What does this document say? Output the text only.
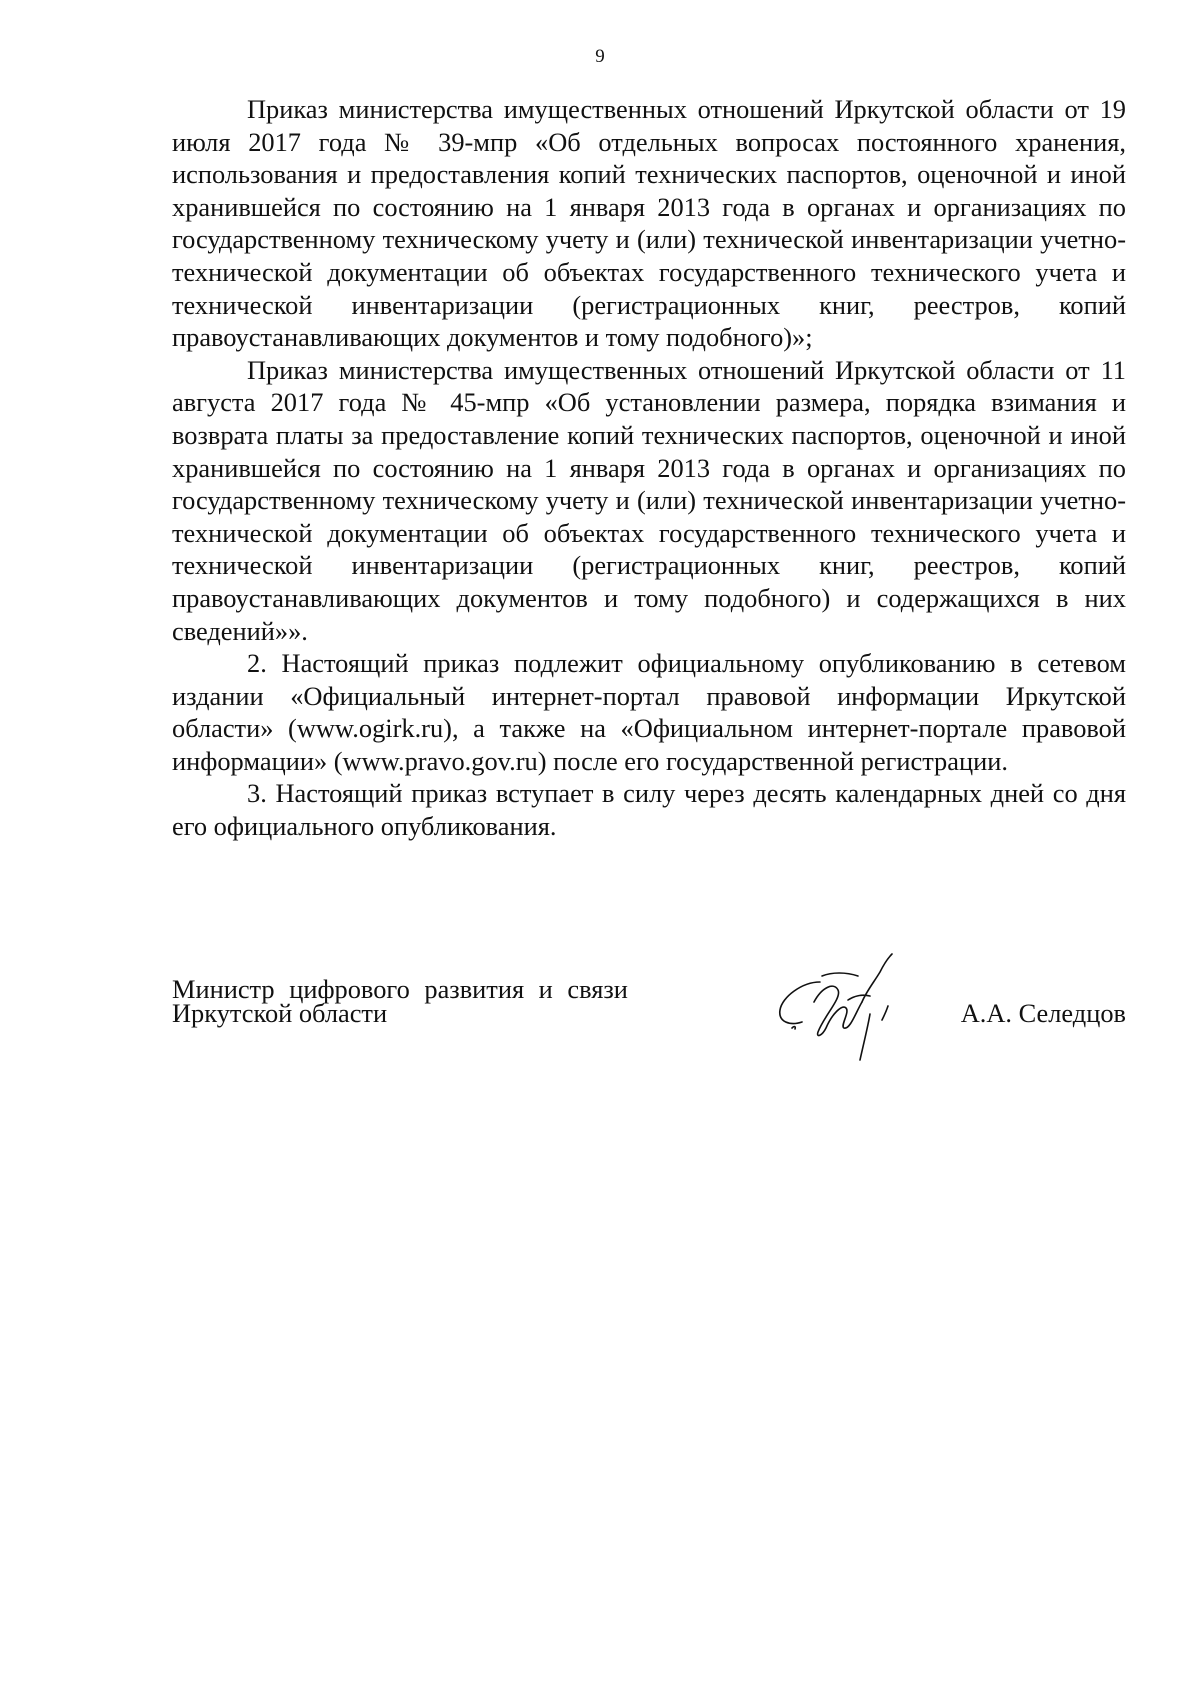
9

Приказ министерства имущественных отношений Иркутской области от 19 июля 2017 года № 39-мпр «Об отдельных вопросах постоянного хранения, использования и предоставления копий технических паспортов, оценочной и иной хранившейся по состоянию на 1 января 2013 года в органах и организациях по государственному техническому учету и (или) технической инвентаризации учетно-технической документации об объектах государственного технического учета и технической инвентаризации (регистрационных книг, реестров, копий правоустанавливающих документов и тому подобного)»;

Приказ министерства имущественных отношений Иркутской области от 11 августа 2017 года № 45-мпр «Об установлении размера, порядка взимания и возврата платы за предоставление копий технических паспортов, оценочной и иной хранившейся по состоянию на 1 января 2013 года в органах и организациях по государственному техническому учету и (или) технической инвентаризации учетно-технической документации об объектах государственного технического учета и технической инвентаризации (регистрационных книг, реестров, копий правоустанавливающих документов и тому подобного) и содержащихся в них сведений»».

2. Настоящий приказ подлежит официальному опубликованию в сетевом издании «Официальный интернет-портал правовой информации Иркутской области» (www.ogirk.ru), а также на «Официальном интернет-портале правовой информации» (www.pravo.gov.ru) после его государственной регистрации.

3. Настоящий приказ вступает в силу через десять календарных дней со дня его официального опубликования.

Министр цифрового развития и связи
Иркутской области	А.А. Селедцов
